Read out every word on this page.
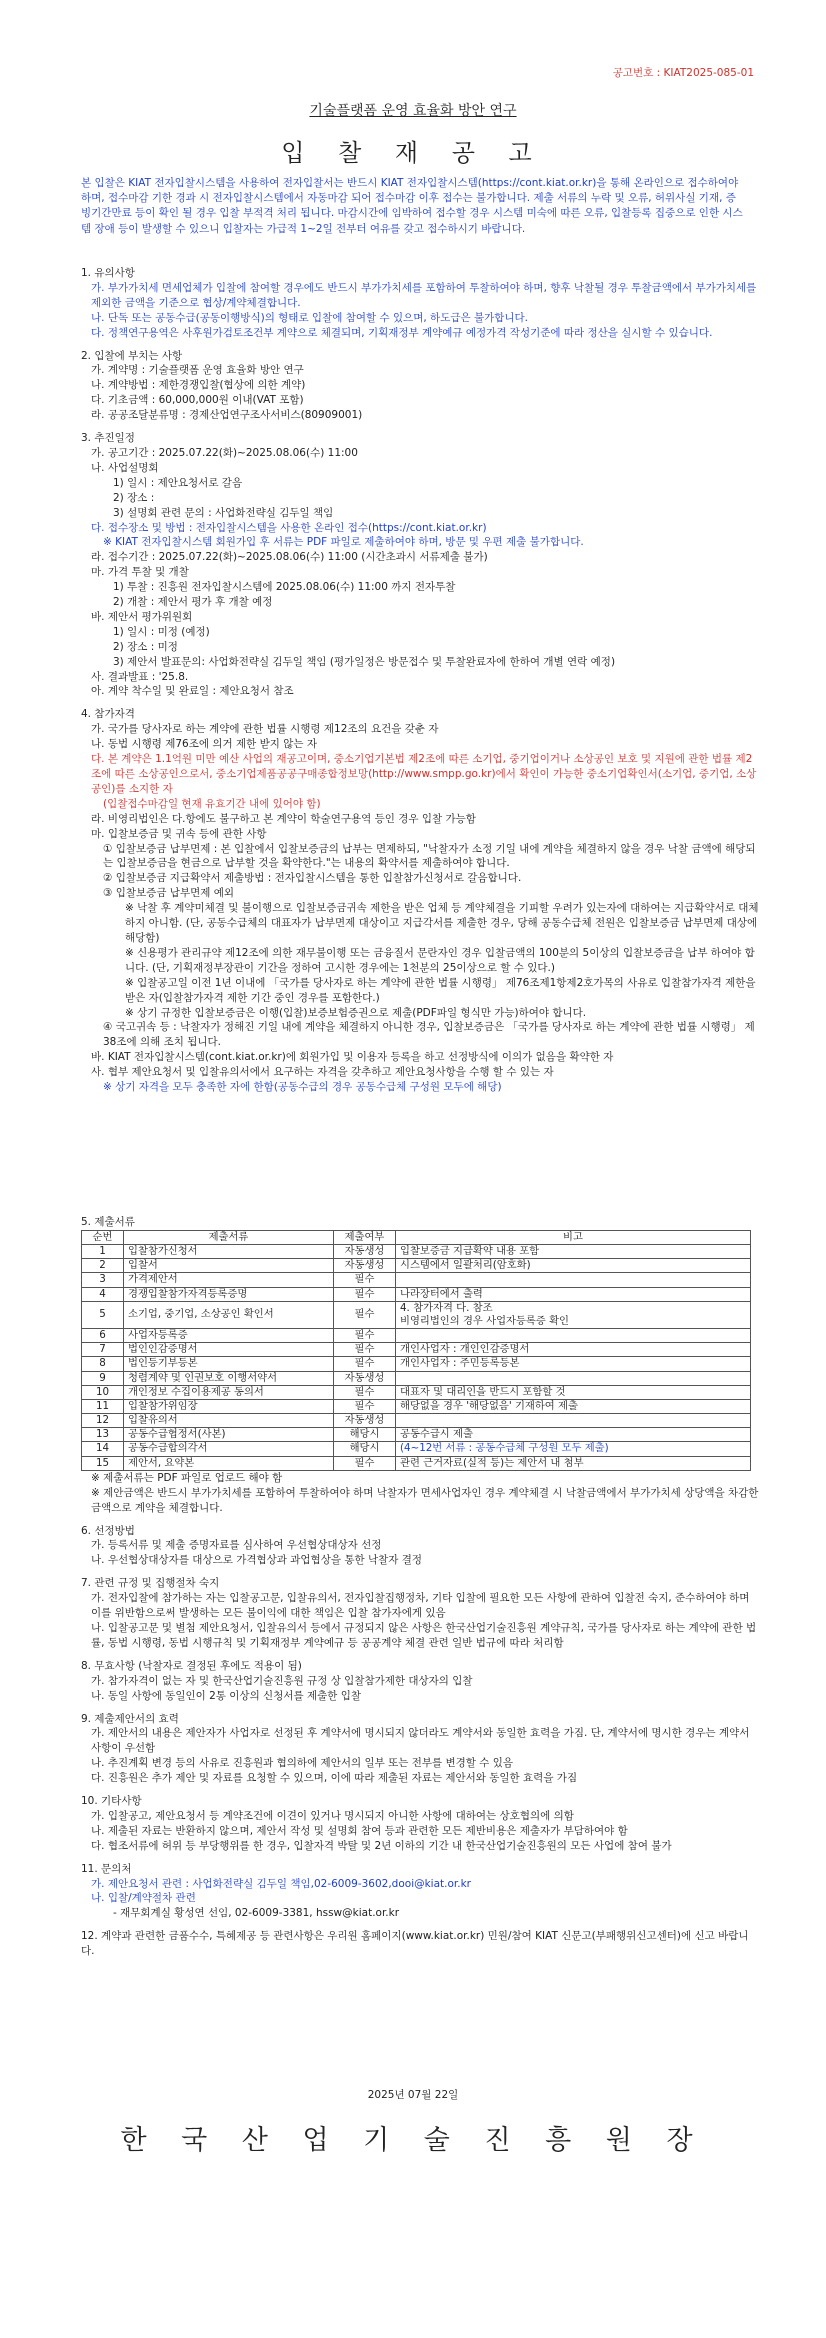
공고번호 : KIAT2025-085-01
기술플랫폼 운영 효율화 방안 연구
입 찰 재 공 고
본 입찰은 KIAT 전자입찰시스템을 사용하여 전자입찰서는 반드시 KIAT 전자입찰시스템(https://cont.kiat.or.kr)을 통해 온라인으로 접수하여야 하며, 접수마감 기한 경과 시 전자입찰시스템에서 자동마감 되어 접수마감 이후 접수는 불가합니다. 제출 서류의 누락 및 오류, 허위사실 기재, 증빙기간만료 등이 확인 될 경우 입찰 부적격 처리 됩니다. 마감시간에 임박하여 접수할 경우 시스템 미숙에 따른 오류, 입찰등록 집중으로 인한 시스템 장애 등이 발생할 수 있으니 입찰자는 가급적 1~2일 전부터 여유를 갖고 접수하시기 바랍니다.

1. 유의사항

가. 부가가치세 면세업체가 입찰에 참여할 경우에도 반드시 부가가치세를 포함하여 투찰하여야 하며, 향후 낙찰될 경우 투찰금액에서 부가가치세를 제외한 금액을 기준으로 협상/계약체결합니다.

나. 단독 또는 공동수급(공동이행방식)의 형태로 입찰에 참여할 수 있으며, 하도급은 불가합니다.

다. 정책연구용역은 사후원가검토조건부 계약으로 체결되며, 기획재정부 계약예규 예정가격 작성기준에 따라 정산을 실시할 수 있습니다.

2. 입찰에 부치는 사항

가. 계약명 : 기술플랫폼 운영 효율화 방안 연구

나. 계약방법 : 제한경쟁입찰(협상에 의한 계약)

다. 기초금액 : 60,000,000원 이내(VAT 포함)

라. 공공조달분류명 : 경제산업연구조사서비스(80909001)

3. 추진일정

가. 공고기간 : 2025.07.22(화)~2025.08.06(수) 11:00

나. 사업설명회

1) 일시 : 제안요청서로 갈음

2) 장소 :

3) 설명회 관련 문의 : 사업화전략실 김두일 책임

다. 접수장소 및 방법 : 전자입찰시스템을 사용한 온라인 접수(https://cont.kiat.or.kr)

※ KIAT 전자입찰시스템 회원가입 후 서류는 PDF 파일로 제출하여야 하며, 방문 및 우편 제출 불가합니다.

라. 접수기간 : 2025.07.22(화)~2025.08.06(수) 11:00 (시간초과시 서류제출 불가)

마. 가격 투찰 및 개찰

1) 투찰 : 진흥원 전자입찰시스템에 2025.08.06(수) 11:00 까지 전자투찰

2) 개찰 : 제안서 평가 후 개찰 예정

바. 제안서 평가위원회

1) 일시 : 미정 (예정)

2) 장소 : 미정

3) 제안서 발표문의: 사업화전략실 김두일 책임 (평가일정은 방문접수 및 투찰완료자에 한하여 개별 연락 예정)

사. 결과발표 : '25.8.

아. 계약 착수일 및 완료일 : 제안요청서 참조

4. 참가자격

가. 국가를 당사자로 하는 계약에 관한 법률 시행령 제12조의 요건을 갖춘 자

나. 동법 시행령 제76조에 의거 제한 받지 않는 자

다. 본 계약은 1.1억원 미만 예산 사업의 재공고이며, 중소기업기본법 제2조에 따른 소기업, 중기업이거나 소상공인 보호 및 지원에 관한 법률 제2조에 따른 소상공인으로서, 중소기업제품공공구매종합정보망(http://www.smpp.go.kr)에서 확인이 가능한 중소기업확인서(소기업, 중기업, 소상공인)를 소지한 자

(입찰접수마감일 현재 유효기간 내에 있어야 함)

라. 비영리법인은 다.항에도 불구하고 본 계약이 학술연구용역 등인 경우 입찰 가능함

마. 입찰보증금 및 귀속 등에 관한 사항

① 입찰보증금 납부면제 : 본 입찰에서 입찰보증금의 납부는 면제하되, "낙찰자가 소정 기일 내에 계약을 체결하지 않을 경우 낙찰 금액에 해당되는 입찰보증금을 현금으로 납부할 것을 확약한다."는 내용의 확약서를 제출하여야 합니다.

② 입찰보증금 지급확약서 제출방법 : 전자입찰시스템을 통한 입찰참가신청서로 갈음합니다.

③ 입찰보증금 납부면제 예외

※ 낙찰 후 계약미체결 및 불이행으로 입찰보증금귀속 제한을 받은 업체 등 계약체결을 기피할 우려가 있는자에 대하여는 지급확약서로 대체하지 아니함. (단, 공동수급체의 대표자가 납부면제 대상이고 지급각서를 제출한 경우, 당해 공동수급체 전원은 입찰보증금 납부면제 대상에 해당함)

※ 신용평가 관리규약 제12조에 의한 재무불이행 또는 금융질서 문란자인 경우 입찰금액의 100분의 5이상의 입찰보증금을 납부 하여야 합니다. (단, 기획재정부장관이 기간을 정하여 고시한 경우에는 1천분의 25이상으로 할 수 있다.)

※ 입찰공고일 이전 1년 이내에 「국가를 당사자로 하는 계약에 관한 법률 시행령」 제76조제1항제2호가목의 사유로 입찰참가자격 제한을 받은 자(입찰참가자격 제한 기간 중인 경우를 포함한다.)

※ 상기 규정한 입찰보증금은 이행(입찰)보증보험증권으로 제출(PDF파일 형식만 가능)하여야 합니다.

④ 국고귀속 등 : 낙찰자가 정해진 기일 내에 계약을 체결하지 아니한 경우, 입찰보증금은 「국가를 당사자로 하는 계약에 관한 법률 시행령」 제38조에 의해 조치 됩니다.

바. KIAT 전자입찰시스템(cont.kiat.or.kr)에 회원가입 및 이용자 등록을 하고 선정방식에 이의가 없음을 확약한 자

사. 협부 제안요청서 및 입찰유의서에서 요구하는 자격을 갖추하고 제안요청사항을 수행 할 수 있는 자

※ 상기 자격을 모두 충족한 자에 한함(공동수급의 경우 공동수급체 구성원 모두에 해당)

5. 제출서류

순번	제출서류	제출여부	비고
1	입찰참가신청서	자동생성	입찰보증금 지급확약 내용 포함
2	입찰서	자동생성	시스템에서 일괄처리(암호화)
3	가격제안서	필수	
4	경쟁입찰참가자격등록증명	필수	나라장터에서 출력
5	소기업, 중기업, 소상공인 확인서	필수	4. 참가자격 다. 참조
비영리법인의 경우 사업자등록증 확인
6	사업자등록증	필수	
7	법인인감증명서	필수	개인사업자 : 개인인감증명서
8	법인등기부등본	필수	개인사업자 : 주민등록등본
9	청렴계약 및 인권보호 이행서약서	자동생성	
10	개인정보 수집이용제공 동의서	필수	대표자 및 대리인을 반드시 포함할 것
11	입찰참가위임장	필수	해당없을 경우 '해당없음' 기재하여 제출
12	입찰유의서	자동생성	
13	공동수급협정서(사본)	해당시	공동수급시 제출
14	공동수급합의각서	해당시	(4~12번 서류 : 공동수급체 구성원 모두 제출)
15	제안서, 요약본	필수	관련 근거자료(실적 등)는 제안서 내 첨부

※ 제출서류는 PDF 파일로 업로드 해야 함

※ 제안금액은 반드시 부가가치세를 포함하여 투찰하여야 하며 낙찰자가 면세사업자인 경우 계약체결 시 낙찰금액에서 부가가치세 상당액을 차감한 금액으로 계약을 체결합니다.

6. 선정방법

가. 등록서류 및 제출 증명자료를 심사하여 우선협상대상자 선정

나. 우선협상대상자를 대상으로 가격협상과 과업협상을 통한 낙찰자 결정

7. 관련 규정 및 집행절차 숙지

가. 전자입찰에 참가하는 자는 입찰공고문, 입찰유의서, 전자입찰집행정차, 기타 입찰에 필요한 모든 사항에 관하여 입찰전 숙지, 준수하여야 하며 이를 위반함으로써 발생하는 모든 불이익에 대한 책임은 입찰 참가자에게 있음

나. 입찰공고문 및 별첨 제안요청서, 입찰유의서 등에서 규정되지 않은 사항은 한국산업기술진흥원 계약규칙, 국가를 당사자로 하는 계약에 관한 법률, 동법 시행령, 동법 시행규칙 및 기획재정부 계약예규 등 공공계약 체결 관련 일반 법규에 따라 처리함

8. 무효사항 (낙찰자로 결정된 후에도 적용이 됨)

가. 참가자격이 없는 자 및 한국산업기술진흥원 규정 상 입찰참가제한 대상자의 입찰

나. 동일 사항에 동일인이 2통 이상의 신청서를 제출한 입찰

9. 제출제안서의 효력

가. 제안서의 내용은 제안자가 사업자로 선정된 후 계약서에 명시되지 않더라도 계약서와 동일한 효력을 가짐. 단, 계약서에 명시한 경우는 계약서 사항이 우선함

나. 추진계획 변경 등의 사유로 진흥원과 협의하에 제안서의 일부 또는 전부를 변경할 수 있음

다. 진흥원은 추가 제안 및 자료를 요청할 수 있으며, 이에 따라 제출된 자료는 제안서와 동일한 효력을 가짐

10. 기타사항

가. 입찰공고, 제안요청서 등 계약조건에 이견이 있거나 명시되지 아니한 사항에 대하여는 상호협의에 의함

나. 제출된 자료는 반환하지 않으며, 제안서 작성 및 설명회 참여 등과 관련한 모든 제반비용은 제출자가 부담하여야 함

다. 협조서류에 허위 등 부당행위를 한 경우, 입찰자격 박탈 및 2년 이하의 기간 내 한국산업기술진흥원의 모든 사업에 참여 불가

11. 문의처

가. 제안요청서 관련 : 사업화전략실 김두일 책임,02-6009-3602,dooi@kiat.or.kr

나. 입찰/계약절차 관련

- 재무회계실 황성연 선임, 02-6009-3381, hssw@kiat.or.kr

12. 계약과 관련한 금품수수, 특혜제공 등 관련사항은 우리원 홈페이지(www.kiat.or.kr) 민원/참여 KIAT 신문고(부패행위신고센터)에 신고 바랍니다.

2025년 07월 22일
한 국 산 업 기 술 진 흥 원 장
